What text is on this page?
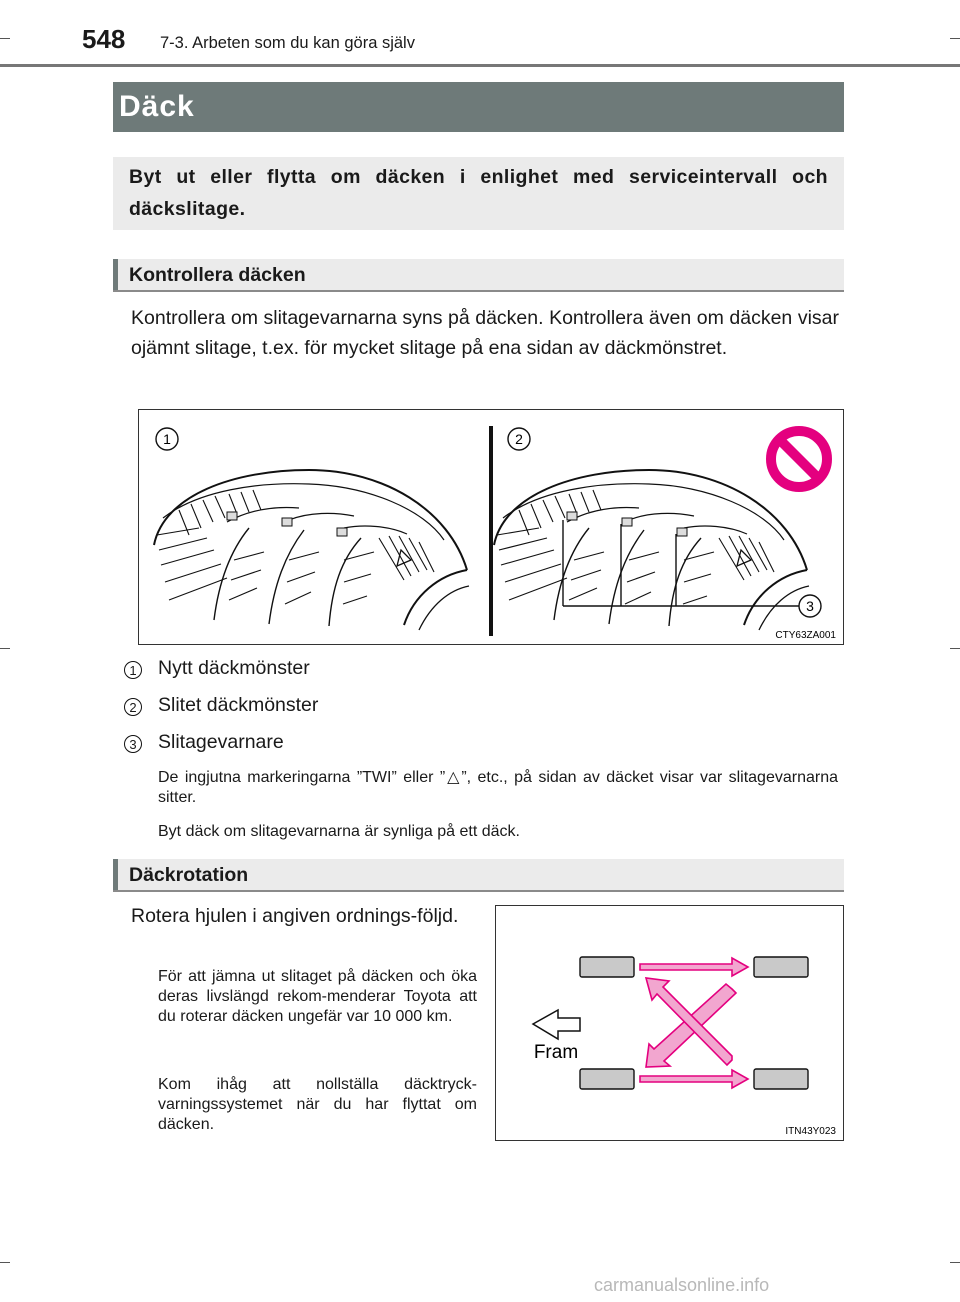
548 7-3. Arbeten som du kan göra själv
Däck
Byt ut eller flytta om däcken i enlighet med serviceintervall och däckslitage.
Kontrollera däcken
Kontrollera om slitagevarnarna syns på däcken. Kontrollera även om däcken visar ojämnt slitage, t.ex. för mycket slitage på ena sidan av däckmönstret.
1	2
3
CTY63ZA001
1 Nytt däckmönster
2 Slitet däckmönster
3 Slitagevarnare
De ingjutna markeringarna ”TWI” eller ”△”, etc., på sidan av däcket visar var slitagevarnarna sitter.
Byt däck om slitagevarnarna är synliga på ett däck.
Däckrotation
Rotera hjulen i angiven ordnings-följd.
För att jämna ut slitaget på däcken och öka deras livslängd rekom-menderar Toyota att du roterar däcken ungefär var 10 000 km.
Kom ihåg att nollställa däcktryck-varningssystemet när du har flyttat om däcken.
Fram
ITN43Y023
carmanualsonline.info
